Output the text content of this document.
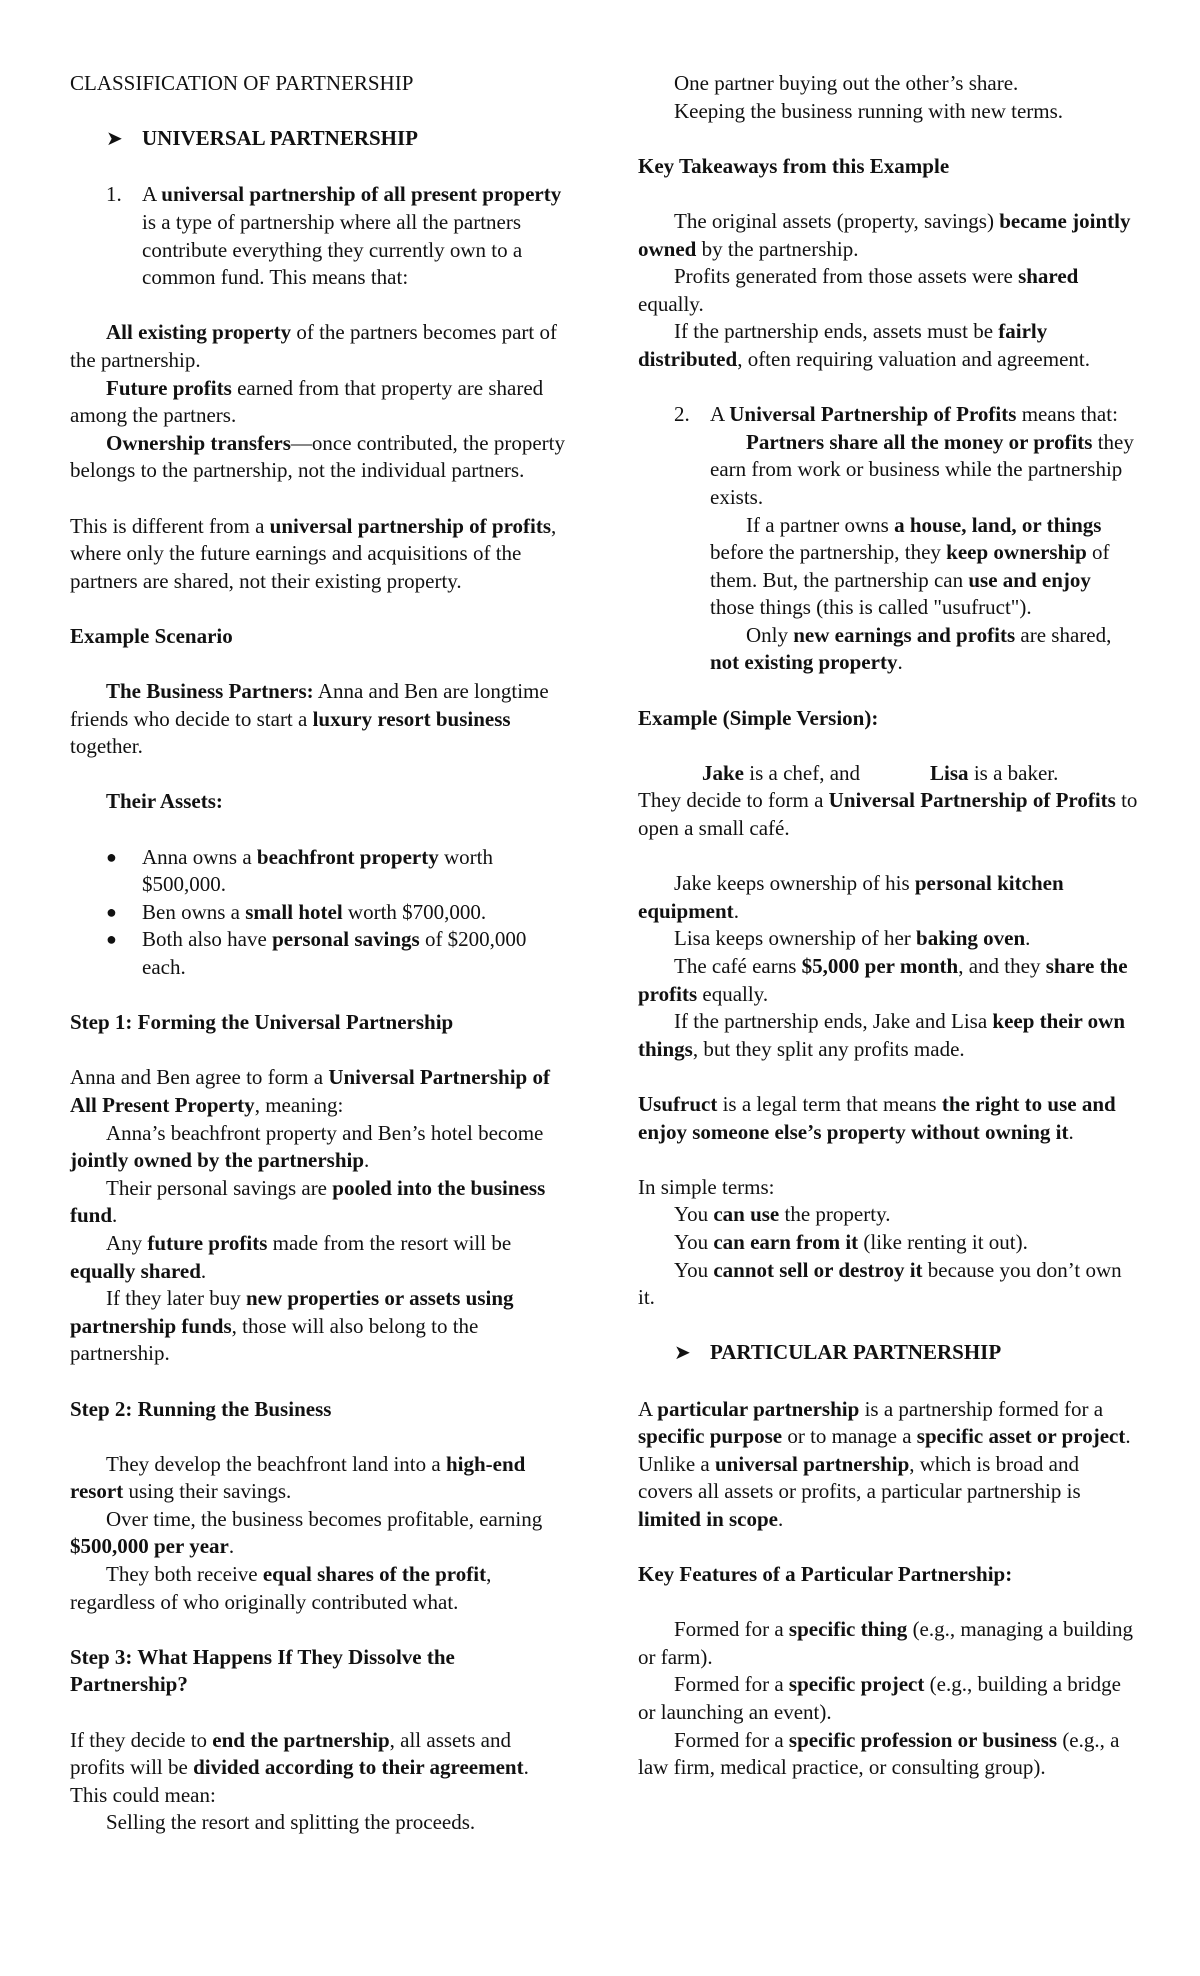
CLASSIFICATION OF PARTNERSHIP

➤ UNIVERSAL PARTNERSHIP

1. A universal partnership of all present property is a type of partnership where all the partners contribute everything they currently own to a common fund. This means that:

All existing property of the partners becomes part of the partnership.

Future profits earned from that property are shared among the partners.

Ownership transfers—once contributed, the property belongs to the partnership, not the individual partners.

This is different from a universal partnership of profits, where only the future earnings and acquisitions of the partners are shared, not their existing property.

Example Scenario

The Business Partners: Anna and Ben are longtime friends who decide to start a luxury resort business together.

Their Assets:

●	Anna owns a beachfront property worth $500,000.
●	Ben owns a small hotel worth $700,000.
●	Both also have personal savings of $200,000 each.

Step 1: Forming the Universal Partnership

Anna and Ben agree to form a Universal Partnership of All Present Property, meaning:

Anna’s beachfront property and Ben’s hotel become jointly owned by the partnership.

Their personal savings are pooled into the business fund.

Any future profits made from the resort will be equally shared.

If they later buy new properties or assets using partnership funds, those will also belong to the partnership.

Step 2: Running the Business

They develop the beachfront land into a high-end resort using their savings.

Over time, the business becomes profitable, earning $500,000 per year.

They both receive equal shares of the profit, regardless of who originally contributed what.

Step 3: What Happens If They Dissolve the Partnership?

If they decide to end the partnership, all assets and profits will be divided according to their agreement. This could mean:

Selling the resort and splitting the proceeds.

One partner buying out the other’s share.

Keeping the business running with new terms.

Key Takeaways from this Example

The original assets (property, savings) became jointly owned by the partnership.

Profits generated from those assets were shared equally.

If the partnership ends, assets must be fairly distributed, often requiring valuation and agreement.

2. A Universal Partnership of Profits means that:

Partners share all the money or profits they earn from work or business while the partnership exists.

If a partner owns a house, land, or things before the partnership, they keep ownership of them. But, the partnership can use and enjoy those things (this is called "usufruct").

Only new earnings and profits are shared, not existing property.

Example (Simple Version):

Jake is a chef, and	Lisa is a baker.

They decide to form a Universal Partnership of Profits to open a small café.

Jake keeps ownership of his personal kitchen equipment.

Lisa keeps ownership of her baking oven.

The café earns $5,000 per month, and they share the profits equally.

If the partnership ends, Jake and Lisa keep their own things, but they split any profits made.

Usufruct is a legal term that means the right to use and enjoy someone else’s property without owning it.

In simple terms:

You can use the property.

You can earn from it (like renting it out).

You cannot sell or destroy it because you don’t own it.

➤ PARTICULAR PARTNERSHIP

A particular partnership is a partnership formed for a specific purpose or to manage a specific asset or project. Unlike a universal partnership, which is broad and covers all assets or profits, a particular partnership is limited in scope.

Key Features of a Particular Partnership:

Formed for a specific thing (e.g., managing a building or farm).

Formed for a specific project (e.g., building a bridge or launching an event).

Formed for a specific profession or business (e.g., a law firm, medical practice, or consulting group).
